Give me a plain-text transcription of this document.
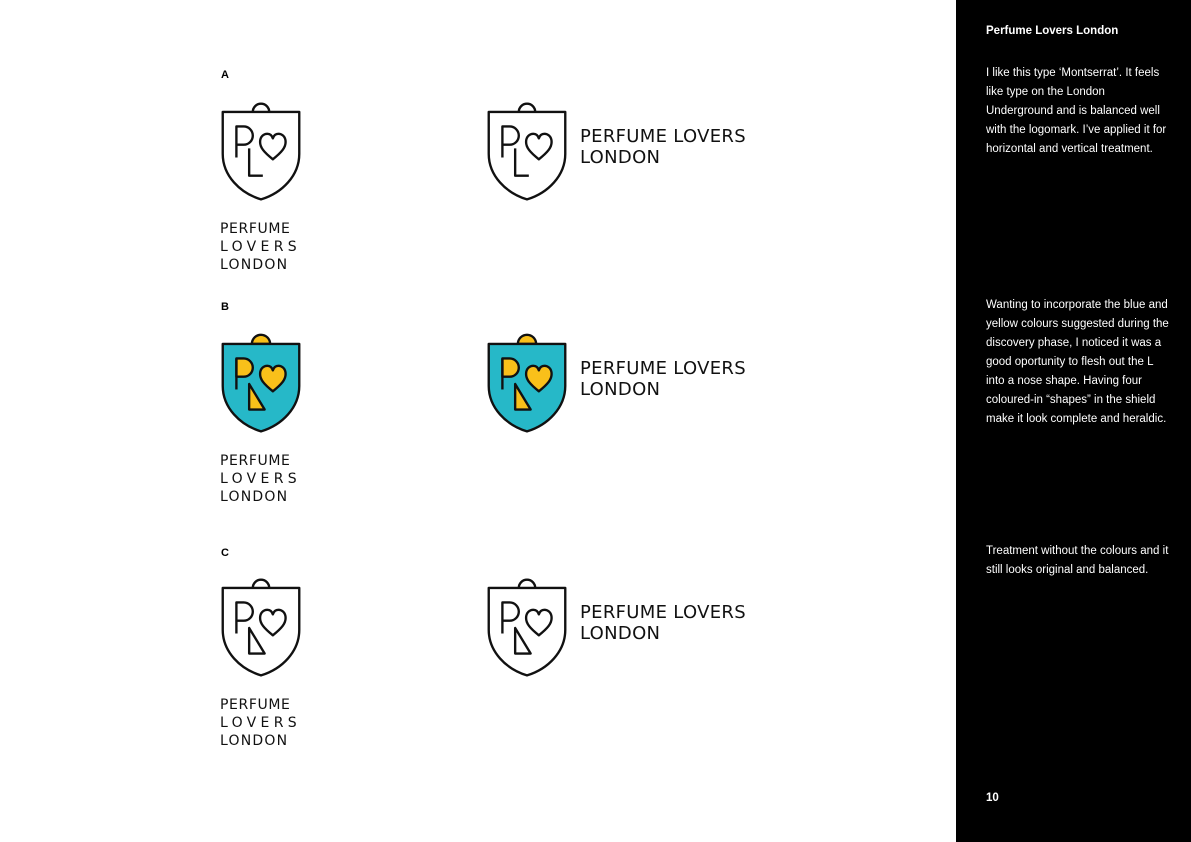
A
PERFUME
LOVERS
LONDON
PERFUME LOVERS
LONDON
B
PERFUME
LOVERS
LONDON
PERFUME LOVERS
LONDON
C
PERFUME
LOVERS
LONDON
PERFUME LOVERS
LONDON
Perfume Lovers London
I like this type ‘Montserrat’. It feels like type on the London Underground and is balanced well with the logomark. I’ve applied it for horizontal and vertical treatment.
Wanting to incorporate the blue and yellow colours suggested during the discovery phase, I noticed it was a good oportunity to flesh out the L into a nose shape. Having four coloured-in “shapes” in the shield make it look complete and heraldic.
Treatment without the colours and it still looks original and balanced.
10
